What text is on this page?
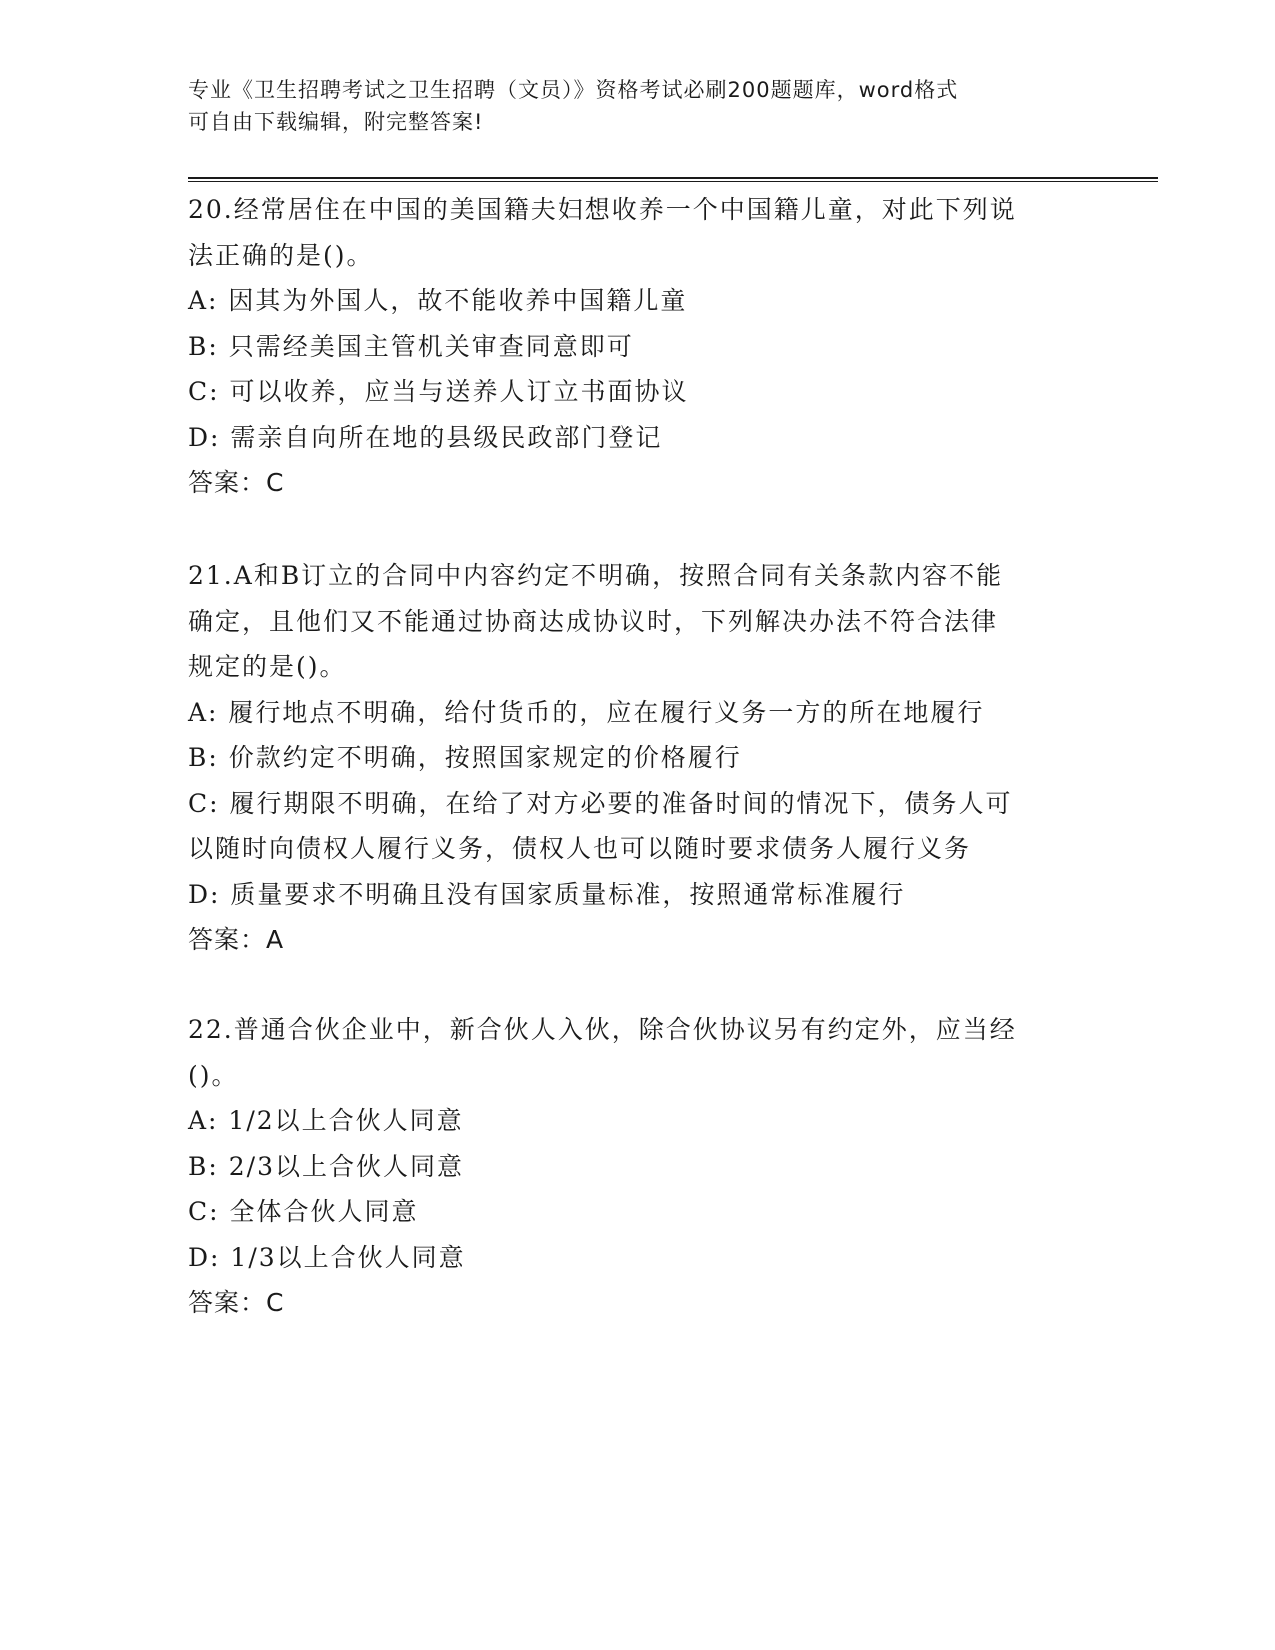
专业《卫生招聘考试之卫生招聘（文员）》资格考试必刷200题题库，word格式
可自由下载编辑，附完整答案!
20.经常居住在中国的美国籍夫妇想收养一个中国籍儿童，对此下列说
法正确的是()。
A: 因其为外国人，故不能收养中国籍儿童
B: 只需经美国主管机关审查同意即可
C: 可以收养，应当与送养人订立书面协议
D: 需亲自向所在地的县级民政部门登记
答案：C
21.A和B订立的合同中内容约定不明确，按照合同有关条款内容不能
确定，且他们又不能通过协商达成协议时，下列解决办法不符合法律
规定的是()。
A: 履行地点不明确，给付货币的，应在履行义务一方的所在地履行
B: 价款约定不明确，按照国家规定的价格履行
C: 履行期限不明确，在给了对方必要的准备时间的情况下，债务人可
以随时向债权人履行义务，债权人也可以随时要求债务人履行义务
D: 质量要求不明确且没有国家质量标准，按照通常标准履行
答案：A
22.普通合伙企业中，新合伙人入伙，除合伙协议另有约定外，应当经
()。
A: 1/2以上合伙人同意
B: 2/3以上合伙人同意
C: 全体合伙人同意
D: 1/3以上合伙人同意
答案：C
